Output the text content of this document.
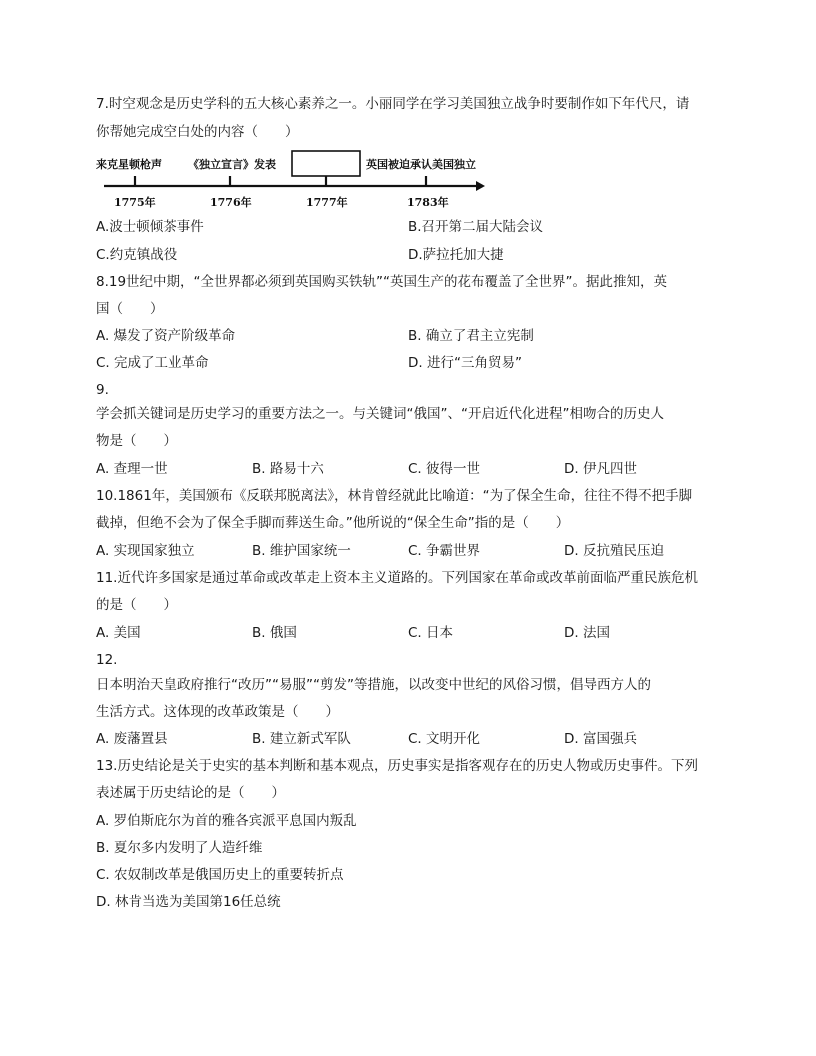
7.时空观念是历史学科的五大核心素养之一。小丽同学在学习美国独立战争时要制作如下年代尺，请
你帮她完成空白处的内容（　　）
来克星顿枪声 《独立宣言》发表	英国被迫承认美国独立
1775年	1776年	1777年	1783年
A.波士顿倾茶事件	B.召开第二届大陆会议
C.约克镇战役	D.萨拉托加大捷
8.19世纪中期，“全世界都必须到英国购买铁轨”“英国生产的花布覆盖了全世界”。据此推知，英
国（　　）
A. 爆发了资产阶级革命	B. 确立了君主立宪制
C. 完成了工业革命	D. 进行“三角贸易”
9.
学会抓关键词是历史学习的重要方法之一。与关键词“俄国”、“开启近代化进程”相吻合的历史人
物是（　　）
A. 查理一世	B. 路易十六	C. 彼得一世	D. 伊凡四世
10.1861年，美国颁布《反联邦脱离法》，林肯曾经就此比喻道：“为了保全生命，往往不得不把手脚
截掉，但绝不会为了保全手脚而葬送生命。”他所说的“保全生命”指的是（　　）
A. 实现国家独立	B. 维护国家统一	C. 争霸世界	D. 反抗殖民压迫
11.近代许多国家是通过革命或改革走上资本主义道路的。下列国家在革命或改革前面临严重民族危机
的是（　　）
A. 美国	B. 俄国	C. 日本	D. 法国
12.
日本明治天皇政府推行“改历”“易服”“剪发”等措施，以改变中世纪的风俗习惯，倡导西方人的
生活方式。这体现的改革政策是（　　）
A. 废藩置县	B. 建立新式军队	C. 文明开化	D. 富国强兵
13.历史结论是关于史实的基本判断和基本观点，历史事实是指客观存在的历史人物或历史事件。下列
表述属于历史结论的是（　　）
A. 罗伯斯庇尔为首的雅各宾派平息国内叛乱
B. 夏尔多内发明了人造纤维
C. 农奴制改革是俄国历史上的重要转折点
D. 林肯当选为美国第16任总统
